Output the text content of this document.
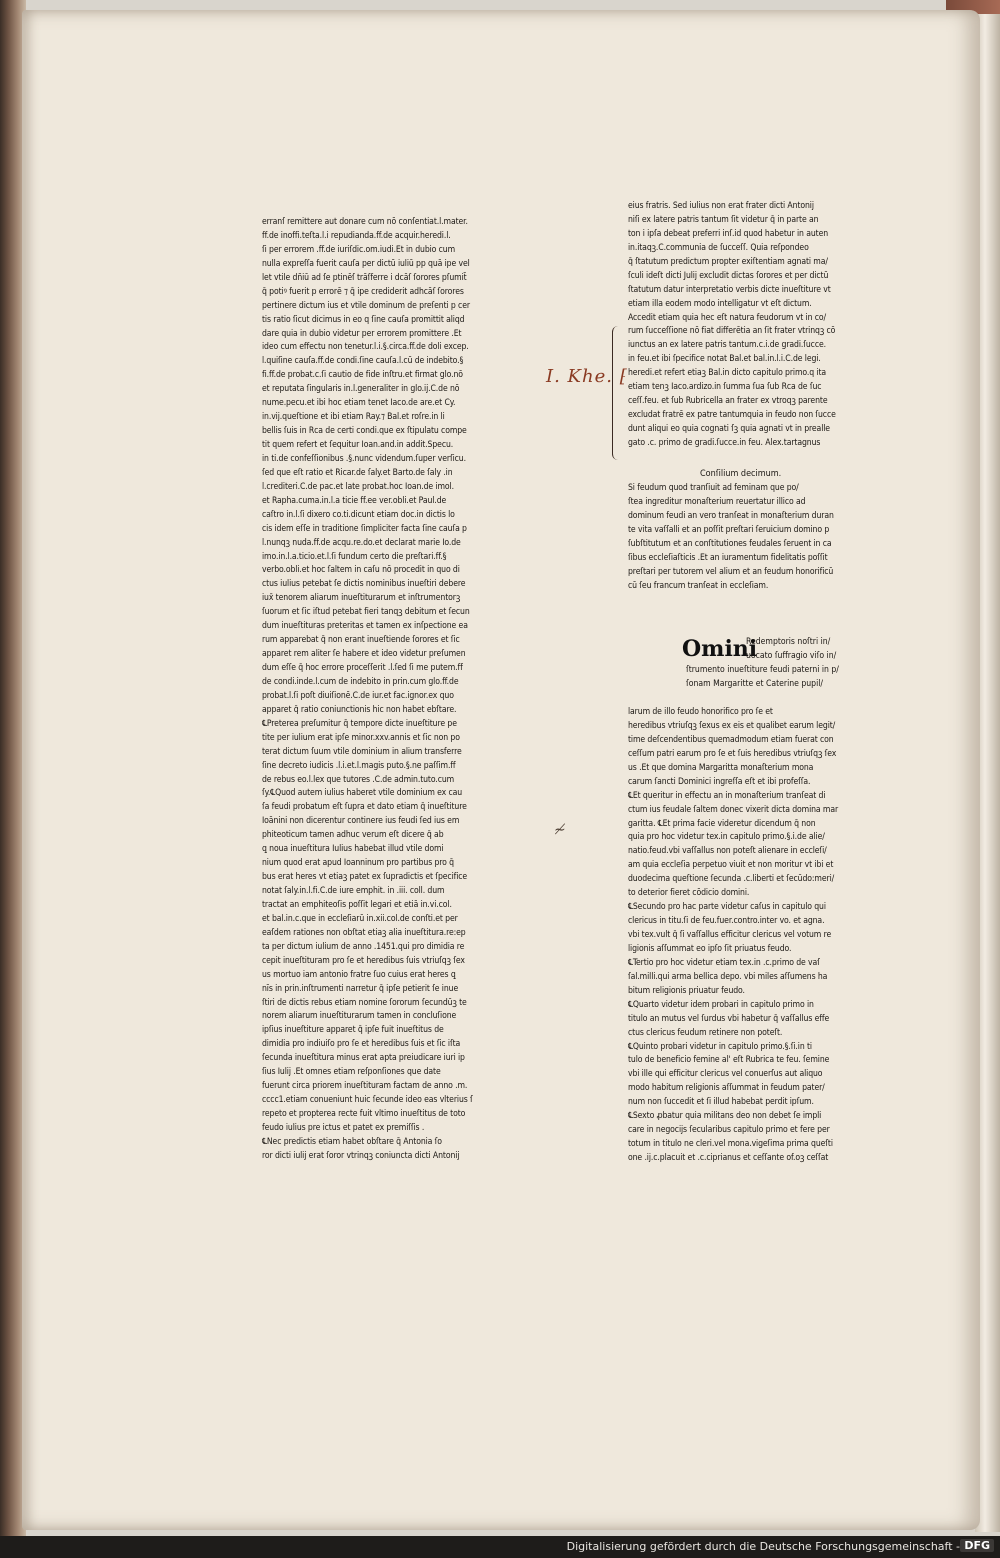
erranſ remittere aut donare cum nō conſentiat.l.mater.
ff.de inoffi.teſta.l.i repudianda.ff.de acquir.heredi.l.
ſi per errorem .ff.de iuriſdic.om.iudi.Et in dubio cum
nulla expreſſa fuerit cauſa per dictū iuliū pp quā ipe vel
let vtile dñiū ad ſe ptinēſ trāſferre i dcāſ ſorores pſumit̄
q̄ potiꝰ fuerit p errorē ⁊ q̄ ipe crediderit adhcāſ ſorores
pertinere dictum ius et vtile dominum de preſenti p cer
tis ratio ſicut dicimus in eo q ſine cauſa promittit aliqd
dare quia in dubio videtur per errorem promittere .Et
ideo cum effectu non tenetur.l.i.§.circa.ff.de doli excep.
l.quiſine cauſa.ff.de condi.ſine cauſa.l.cū de indebito.§
fi.ff.de probat.c.ſi cautio de fide inſtru.et firmat glo.nō
et reputata ſingularis in.l.generaliter in glo.ij.C.de nō
nume.pecu.et ibi hoc etiam tenet Iaco.de are.et Cy.
in.vij.queſtione et ibi etiam Ray.⁊ Bal.et roſre.in li
bellis ſuis in Rca de certi condi.que ex ſtipulatu compe
tit quem refert et ſequitur Ioan.and.in addit.Specu.
in ti.de confeſſionibus .§.nunc videndum.ſuper verſicu.
ſed que eſt ratio et Ricar.de ſaly.et Barto.de ſaly .in
l.crediteri.C.de pac.et late probat.hoc Ioan.de imol.
et Rapha.cuma.in.l.a ticie ff.ee ver.obli.et Paul.de
caſtro in.l.ſi dixero co.ti.dicunt etiam doc.in dictis lo
cis idem eſſe in traditione ſimpliciter facta ſine cauſa p
l.nunqꝫ nuda.ff.de acqu.re.do.et declarat marie Io.de
imo.in.l.a.ticio.et.l.ſi fundum certo die preſtari.ff.§
verbo.obli.et hoc ſaltem in caſu nō procedit in quo di
ctus iulius petebat ſe dictis nominibus inueſtiri debere
iux̄ tenorem aliarum inueſtiturarum et inſtrumentorꝫ
ſuorum et ſic iſtud petebat fieri tanqꝫ debitum et ſecun
dum inueſtituras preteritas et tamen ex inſpectione ea
rum apparebat q̄ non erant inueſtiende ſorores et ſic
apparet rem aliter ſe habere et ideo videtur preſumen
dum eſſe q̄ hoc errore proceſſerit .l.ſed ſi me putem.ff
de condi.inde.l.cum de indebito in prin.cum glo.ff.de
probat.l.ſi poſt diuiſionē.C.de iur.et fac.ignor.ex quo
apparet q̄ ratio coniunctionis hic non habet ebſtare.
℄Preterea preſumitur q̄ tempore dicte inueſtiture pe
tite per iulium erat ipſe minor.xxv.annis et ſic non po
terat dictum ſuum vtile dominium in alium transferre
ſine decreto iudicis .l.i.et.l.magis puto.§.ne paſſim.ff
de rebus eo.l.lex que tutores .C.de admin.tuto.cum
ſy.℄Quod autem iulius haberet vtile dominium ex cau
ſa feudi probatum eſt ſupra et dato etiam q̄ inueſtiture
Ioānini non dicerentur continere ius feudi ſed ius em
phiteoticum tamen adhuc verum eſt dicere q̄ ab
ꝗ noua inueſtitura Iulius habebat illud vtile domi
nium quod erat apud Ioanninum pro partibus pro q̄
bus erat heres vt etiaꝫ patet ex ſupradictis et ſpecifice
notat ſaly.in.l.fi.C.de iure emphit. in .iii. coll. dum
tractat an emphiteoſis poſſit legari et etiā in.vi.col.
et bal.in.c.que in eccleſiarū in.xii.col.de conſti.et per
eaſdem rationes non obſtat etiaꝫ alia inueſtitura.re:ep
ta per dictum iulium de anno .1451.qui pro dimidia re
cepit inueſtituram pro ſe et heredibus ſuis vtriuſqꝫ ſex
us mortuo iam antonio fratre ſuo cuius erat heres ꝗ
nīs in prin.inſtrumenti narretur q̄ ipſe petierit ſe inue
ſtiri de dictis rebus etiam nomine ſororum ſecundūꝫ te
norem aliarum inueſtiturarum tamen in concluſione
ipſius inueſtiture apparet q̄ ipſe fuit inueſtitus de
dimidia pro indiuiſo pro ſe et heredibus ſuis et ſic iſta
ſecunda inueſtitura minus erat apta preiudicare iuri ip
ſius Iulij .Et omnes etiam reſponſiones que date
fuerunt circa priorem inueſtituram factam de anno .m.
cccc1.etiam conueniunt huic ſecunde ideo eas vlterius ſ
repeto et propterea recte fuit vltimo inueſtitus de toto
feudo iulius pre ictus et patet ex premiſſis .
℄Nec predictis etiam habet obſtare q̄ Antonia ſo
ror dicti iulij erat ſoror vtrinqꝫ coniuncta dicti Antonij
eius fratris. Sed iulius non erat frater dicti Antonij
niſi ex latere patris tantum ſit videtur q̄ in parte an
ton i ipſa debeat preferri inſ.id quod habetur in auten
in.itaqꝫ.C.communia de ſucceſſ. Quia reſpondeo
q̄ ſtatutum predictum propter exiſtentiam agnati ma/
ſculi ideſt dicti Julij excludit dictas ſorores et per dictū
ſtatutum datur interpretatio verbis dicte inueſtiture vt
etiam illa eodem modo intelligatur vt eſt dictum.
Accedit etiam quia hec eſt natura feudorum vt in co/
rum ſucceſſione nō fiat differētia an ſit frater vtrinqꝫ cō
iunctus an ex latere patris tantum.c.i.de gradi.ſucce.
in feu.et ibi ſpecifice notat Bal.et bal.in.l.i.C.de legi.
heredi.et refert etiaꝫ Bal.in dicto capitulo primo.q ita
etiam tenꝫ Iaco.ardizo.in ſumma ſua ſub Rca de ſuc
ceſſ.feu. et ſub Rubricella an frater ex vtroqꝫ parente
excludat fratrē ex patre tantumquia in feudo non ſucce
dunt aliqui eo quia cognati ſꝫ quia agnati vt in prealle
gato .c. primo de gradi.ſucce.in feu. Alex.tartagnus
I. Khe. ⁅
≁
Conſilium decimum.
Si feudum quod tranſiuit ad feminam que po/
ſtea ingreditur monaſterium reuertatur illico ad
dominum feudi an vero tranſeat in monaſterium duran
te vita vaſſalli et an poſſit preſtari ſeruicium domino p
ſubſtitutum et an conſtitutiones feudales ſeruent in ca
ſibus eccleſiaſticis .Et an iuramentum fidelitatis poſſit
preſtari per tutorem vel alium et an feudum honorificū
cū ſeu francum tranſeat in eccleſiam.
Omini
Redemptoris noſtri in/
uocato ſuffragio viſo in/
ſtrumento inueſtiture feudi paterni in p/
ſonam Margaritte et Caterine pupil/
larum de illo feudo honorifico pro ſe et
heredibus vtriuſqꝫ ſexus ex eis et qualibet earum legit/
time deſcendentibus quemadmodum etiam fuerat con
ceſſum patri earum pro ſe et ſuis heredibus vtriuſqꝫ ſex
us .Et que domina Margaritta monaſterium mona
carum ſancti Dominici ingreſſa eſt et ibi profeſſa.
℄Et queritur in effectu an in monaſterium tranſeat di
ctum ius feudale ſaltem donec vixerit dicta domina mar
garitta. ℄Et prima facie videretur dicendum q̄ non
quia pro hoc videtur tex.in capitulo primo.§.i.de alie/
natio.feud.vbi vaſſallus non poteſt alienare in eccleſi/
am quia eccleſia perpetuo viuit et non moritur vt ibi et
duodecima queſtione ſecunda .c.liberti et ſecūdo:meri/
to deterior fieret cōdicio domini.
℄Secundo pro hac parte videtur caſus in capitulo qui
clericus in titu.ſi de feu.fuer.contro.inter vo. et agna.
vbi tex.vult q̄ ſi vaſſallus efficitur clericus vel votum re
ligionis aſſummat eo ipſo ſit priuatus feudo.
℄Tertio pro hoc videtur etiam tex.in .c.primo de vaſ
ſal.milli.qui arma bellica depo. vbi miles aſſumens ha
bitum religionis priuatur feudo.
℄Quarto videtur idem probari in capitulo primo in
titulo an mutus vel ſurdus vbi habetur q̄ vaſſallus effe
ctus clericus feudum retinere non poteſt.
℄Quinto probari videtur in capitulo primo.§.ſi.in ti
tulo de beneficio femine al' eſt Rubrica te feu. ſemine
vbi ille qui efficitur clericus vel conuerſus aut aliquo
modo habitum religionis aſſummat in feudum pater/
num non ſuccedit et ſi illud habebat perdit ipſum.
℄Sexto ꝓbatur quia militans deo non debet ſe impli
care in negocijs ſecularibus capitulo primo et fere per
totum in titulo ne cleri.vel mona.vigeſima prima queſti
one .ij.c.placuit et .c.ciprianus et ceſſante of.oꝫ ceſſat
Digitalisierung gefördert durch die Deutsche Forschungsgemeinschaft - DFG
